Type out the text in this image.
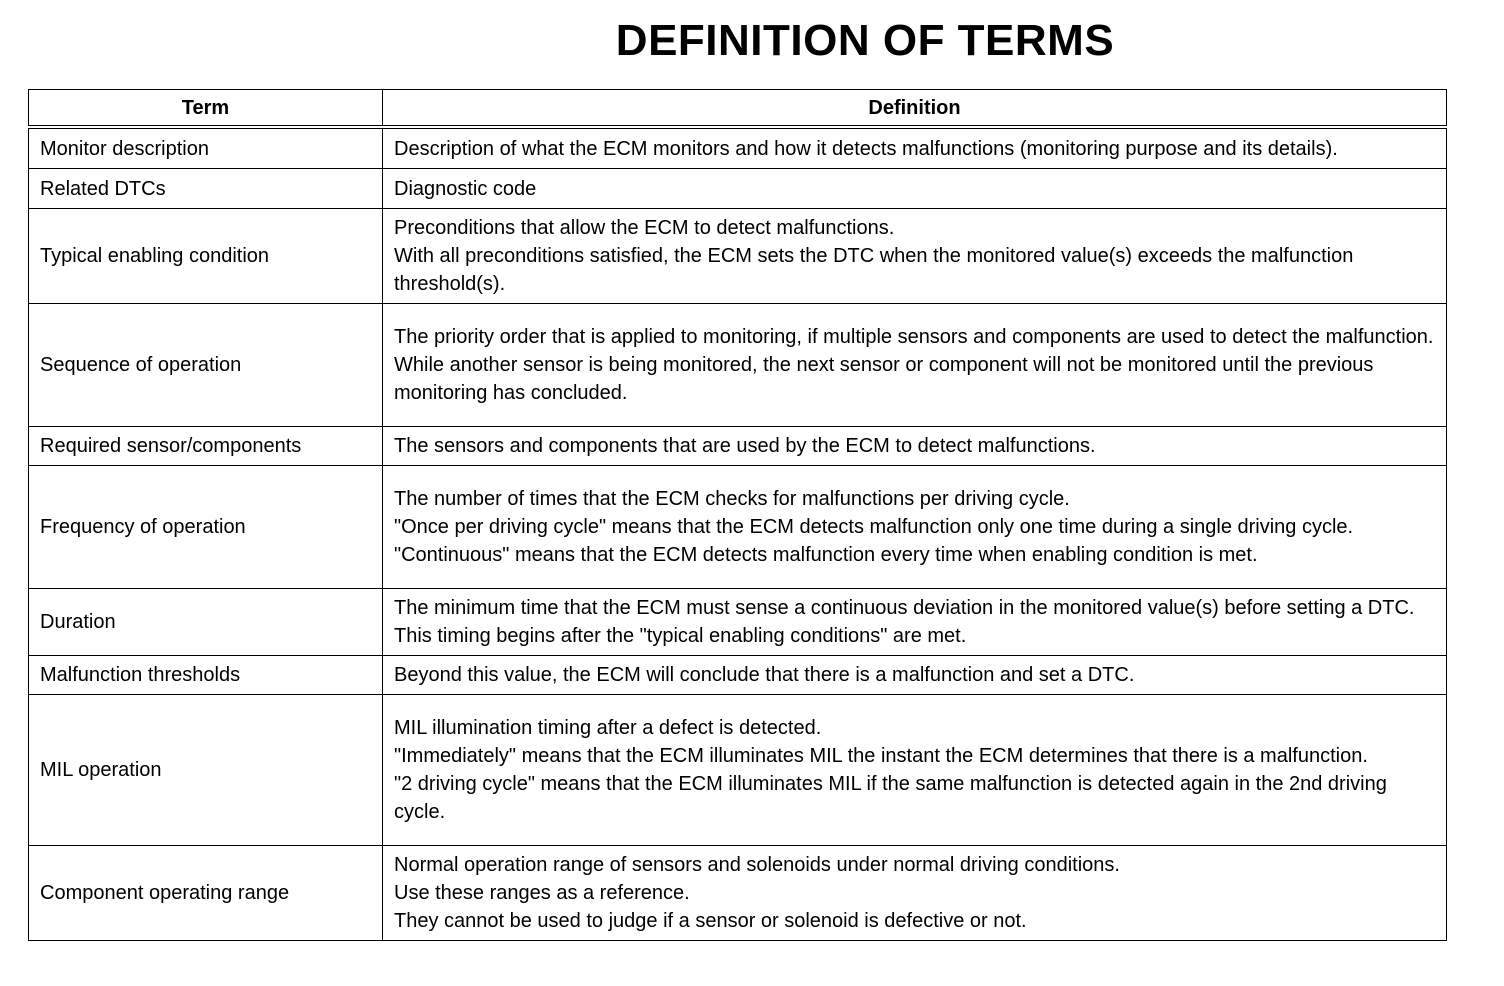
DEFINITION OF TERMS
Term	Definition
Monitor description	Description of what the ECM monitors and how it detects malfunctions (monitoring purpose and its details).

Related DTCs	Diagnostic code

Typical enabling condition	Preconditions that allow the ECM to detect malfunctions.
With all preconditions satisfied, the ECM sets the DTC when the monitored value(s) exceeds the malfunction threshold(s).

Sequence of operation	The priority order that is applied to monitoring, if multiple sensors and components are used to detect the malfunction.
While another sensor is being monitored, the next sensor or component will not be monitored until the previous monitoring has concluded.

Required sensor/components	The sensors and components that are used by the ECM to detect malfunctions.

Frequency of operation	The number of times that the ECM checks for malfunctions per driving cycle.
"Once per driving cycle" means that the ECM detects malfunction only one time during a single driving cycle.
"Continuous" means that the ECM detects malfunction every time when enabling condition is met.

Duration	The minimum time that the ECM must sense a continuous deviation in the monitored value(s) before setting a DTC. This timing begins after the "typical enabling conditions" are met.

Malfunction thresholds	Beyond this value, the ECM will conclude that there is a malfunction and set a DTC.

MIL operation	MIL illumination timing after a defect is detected.
"Immediately" means that the ECM illuminates MIL the instant the ECM determines that there is a malfunction.
"2 driving cycle" means that the ECM illuminates MIL if the same malfunction is detected again in the 2nd driving cycle.

Component operating range	Normal operation range of sensors and solenoids under normal driving conditions.
Use these ranges as a reference.
They cannot be used to judge if a sensor or solenoid is defective or not.
